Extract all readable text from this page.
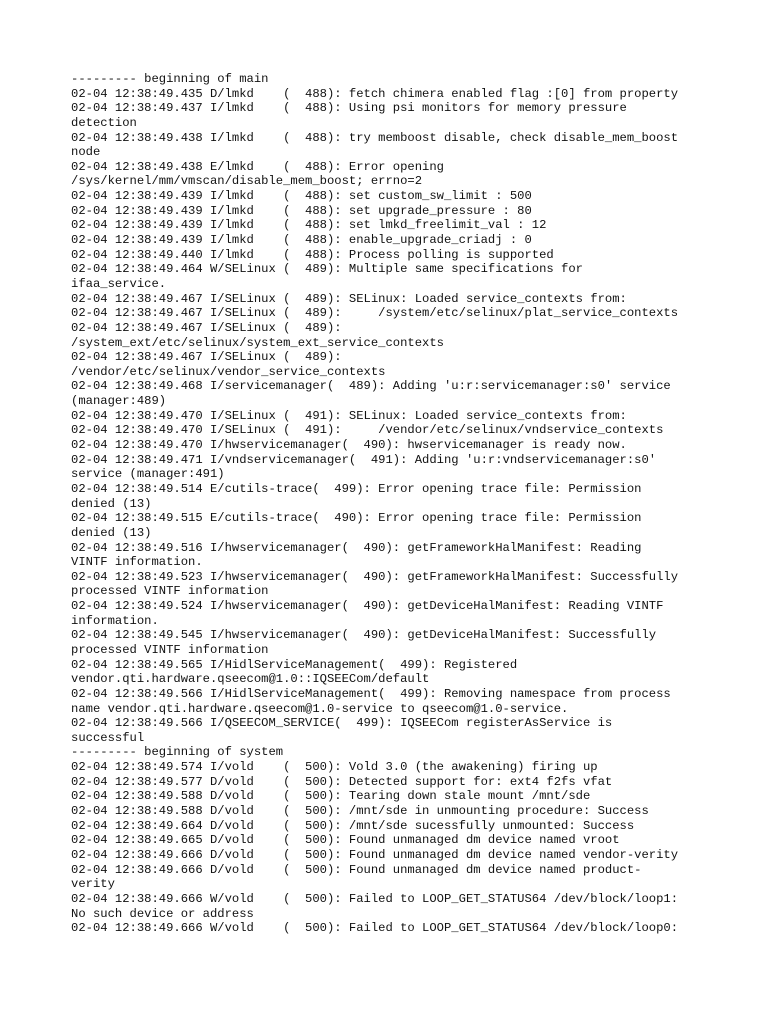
--------- beginning of main
02-04 12:38:49.435 D/lmkd    (  488): fetch chimera enabled flag :[0] from property
02-04 12:38:49.437 I/lmkd    (  488): Using psi monitors for memory pressure
detection
02-04 12:38:49.438 I/lmkd    (  488): try memboost disable, check disable_mem_boost
node
02-04 12:38:49.438 E/lmkd    (  488): Error opening
/sys/kernel/mm/vmscan/disable_mem_boost; errno=2
02-04 12:38:49.439 I/lmkd    (  488): set custom_sw_limit : 500
02-04 12:38:49.439 I/lmkd    (  488): set upgrade_pressure : 80
02-04 12:38:49.439 I/lmkd    (  488): set lmkd_freelimit_val : 12
02-04 12:38:49.439 I/lmkd    (  488): enable_upgrade_criadj : 0
02-04 12:38:49.440 I/lmkd    (  488): Process polling is supported
02-04 12:38:49.464 W/SELinux (  489): Multiple same specifications for
ifaa_service.
02-04 12:38:49.467 I/SELinux (  489): SELinux: Loaded service_contexts from:
02-04 12:38:49.467 I/SELinux (  489):     /system/etc/selinux/plat_service_contexts
02-04 12:38:49.467 I/SELinux (  489):
/system_ext/etc/selinux/system_ext_service_contexts
02-04 12:38:49.467 I/SELinux (  489):
/vendor/etc/selinux/vendor_service_contexts
02-04 12:38:49.468 I/servicemanager(  489): Adding 'u:r:servicemanager:s0' service
(manager:489)
02-04 12:38:49.470 I/SELinux (  491): SELinux: Loaded service_contexts from:
02-04 12:38:49.470 I/SELinux (  491):     /vendor/etc/selinux/vndservice_contexts
02-04 12:38:49.470 I/hwservicemanager(  490): hwservicemanager is ready now.
02-04 12:38:49.471 I/vndservicemanager(  491): Adding 'u:r:vndservicemanager:s0'
service (manager:491)
02-04 12:38:49.514 E/cutils-trace(  499): Error opening trace file: Permission
denied (13)
02-04 12:38:49.515 E/cutils-trace(  490): Error opening trace file: Permission
denied (13)
02-04 12:38:49.516 I/hwservicemanager(  490): getFrameworkHalManifest: Reading
VINTF information.
02-04 12:38:49.523 I/hwservicemanager(  490): getFrameworkHalManifest: Successfully
processed VINTF information
02-04 12:38:49.524 I/hwservicemanager(  490): getDeviceHalManifest: Reading VINTF
information.
02-04 12:38:49.545 I/hwservicemanager(  490): getDeviceHalManifest: Successfully
processed VINTF information
02-04 12:38:49.565 I/HidlServiceManagement(  499): Registered
vendor.qti.hardware.qseecom@1.0::IQSEECom/default
02-04 12:38:49.566 I/HidlServiceManagement(  499): Removing namespace from process
name vendor.qti.hardware.qseecom@1.0-service to qseecom@1.0-service.
02-04 12:38:49.566 I/QSEECOM_SERVICE(  499): IQSEECom registerAsService is
successful
--------- beginning of system
02-04 12:38:49.574 I/vold    (  500): Vold 3.0 (the awakening) firing up
02-04 12:38:49.577 D/vold    (  500): Detected support for: ext4 f2fs vfat
02-04 12:38:49.588 D/vold    (  500): Tearing down stale mount /mnt/sde
02-04 12:38:49.588 D/vold    (  500): /mnt/sde in unmounting procedure: Success
02-04 12:38:49.664 D/vold    (  500): /mnt/sde sucessfully unmounted: Success
02-04 12:38:49.665 D/vold    (  500): Found unmanaged dm device named vroot
02-04 12:38:49.666 D/vold    (  500): Found unmanaged dm device named vendor-verity
02-04 12:38:49.666 D/vold    (  500): Found unmanaged dm device named product-
verity
02-04 12:38:49.666 W/vold    (  500): Failed to LOOP_GET_STATUS64 /dev/block/loop1:
No such device or address
02-04 12:38:49.666 W/vold    (  500): Failed to LOOP_GET_STATUS64 /dev/block/loop0:
